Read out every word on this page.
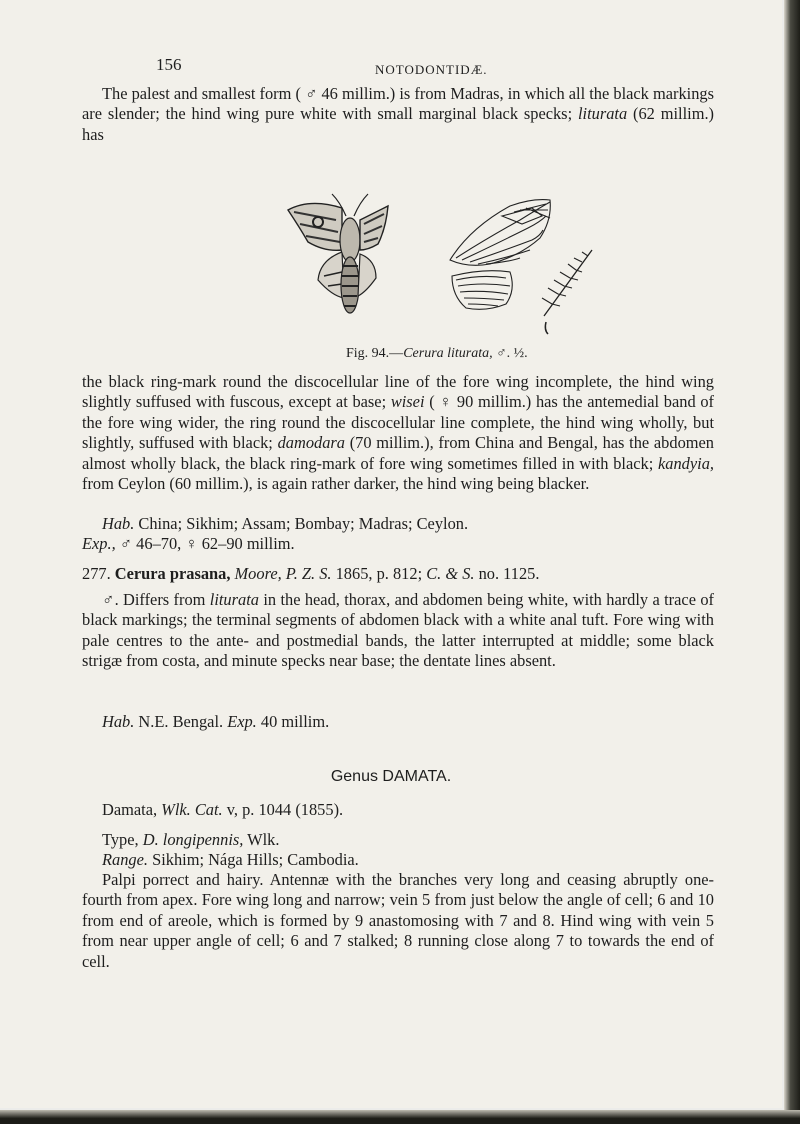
156	NOTODONTIDÆ.

The palest and smallest form ( ♂ 46 millim.) is from Madras, in which all the black markings are slender; the hind wing pure white with small marginal black specks; liturata (62 millim.) has

Fig. 94.—Cerura liturata, ♂. ½.

the black ring-mark round the discocellular line of the fore wing incomplete, the hind wing slightly suffused with fuscous, except at base; wisei ( ♀ 90 millim.) has the antemedial band of the fore wing wider, the ring round the discocellular line complete, the hind wing wholly, but slightly, suffused with black; damodara (70 millim.), from China and Bengal, has the abdomen almost wholly black, the black ring-mark of fore wing sometimes filled in with black; kandyia, from Ceylon (60 millim.), is again rather darker, the hind wing being blacker.

Hab. China; Sikhim; Assam; Bombay; Madras; Ceylon.
Exp., ♂ 46–70, ♀ 62–90 millim.

277. Cerura prasana, Moore, P. Z. S. 1865, p. 812; C. & S. no. 1125.

♂. Differs from liturata in the head, thorax, and abdomen being white, with hardly a trace of black markings; the terminal segments of abdomen black with a white anal tuft. Fore wing with pale centres to the ante- and postmedial bands, the latter interrupted at middle; some black strigæ from costa, and minute specks near base; the dentate lines absent.

Hab. N.E. Bengal. Exp. 40 millim.

Genus DAMATA.

Damata, Wlk. Cat. v, p. 1044 (1855).

Type, D. longipennis, Wlk.

Range. Sikhim; Nága Hills; Cambodia.

Palpi porrect and hairy. Antennæ with the branches very long and ceasing abruptly one-fourth from apex. Fore wing long and narrow; vein 5 from just below the angle of cell; 6 and 10 from end of areole, which is formed by 9 anastomosing with 7 and 8. Hind wing with vein 5 from near upper angle of cell; 6 and 7 stalked; 8 running close along 7 to towards the end of cell.
